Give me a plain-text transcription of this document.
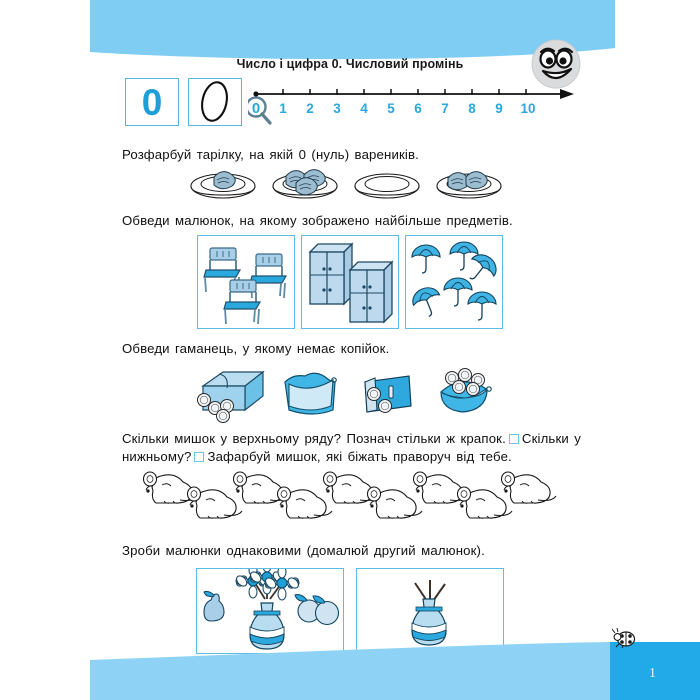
Число і цифра 0. Числовий промінь
0	0 1 2 3 4 5 6 7 8 9 10
Розфарбуй тарілку, на якій 0 (нуль) вареників.
Обведи малюнок, на якому зображено найбільше предметів.
Обведи гаманець, у якому немає копійок.
Скільки мишок у верхньому ряду? Познач стільки ж крапок. Скільки у нижньому? Зафарбуй мишок, які біжать праворуч від тебе.
Зроби малюнки однаковими (домалюй другий малюнок).
1
